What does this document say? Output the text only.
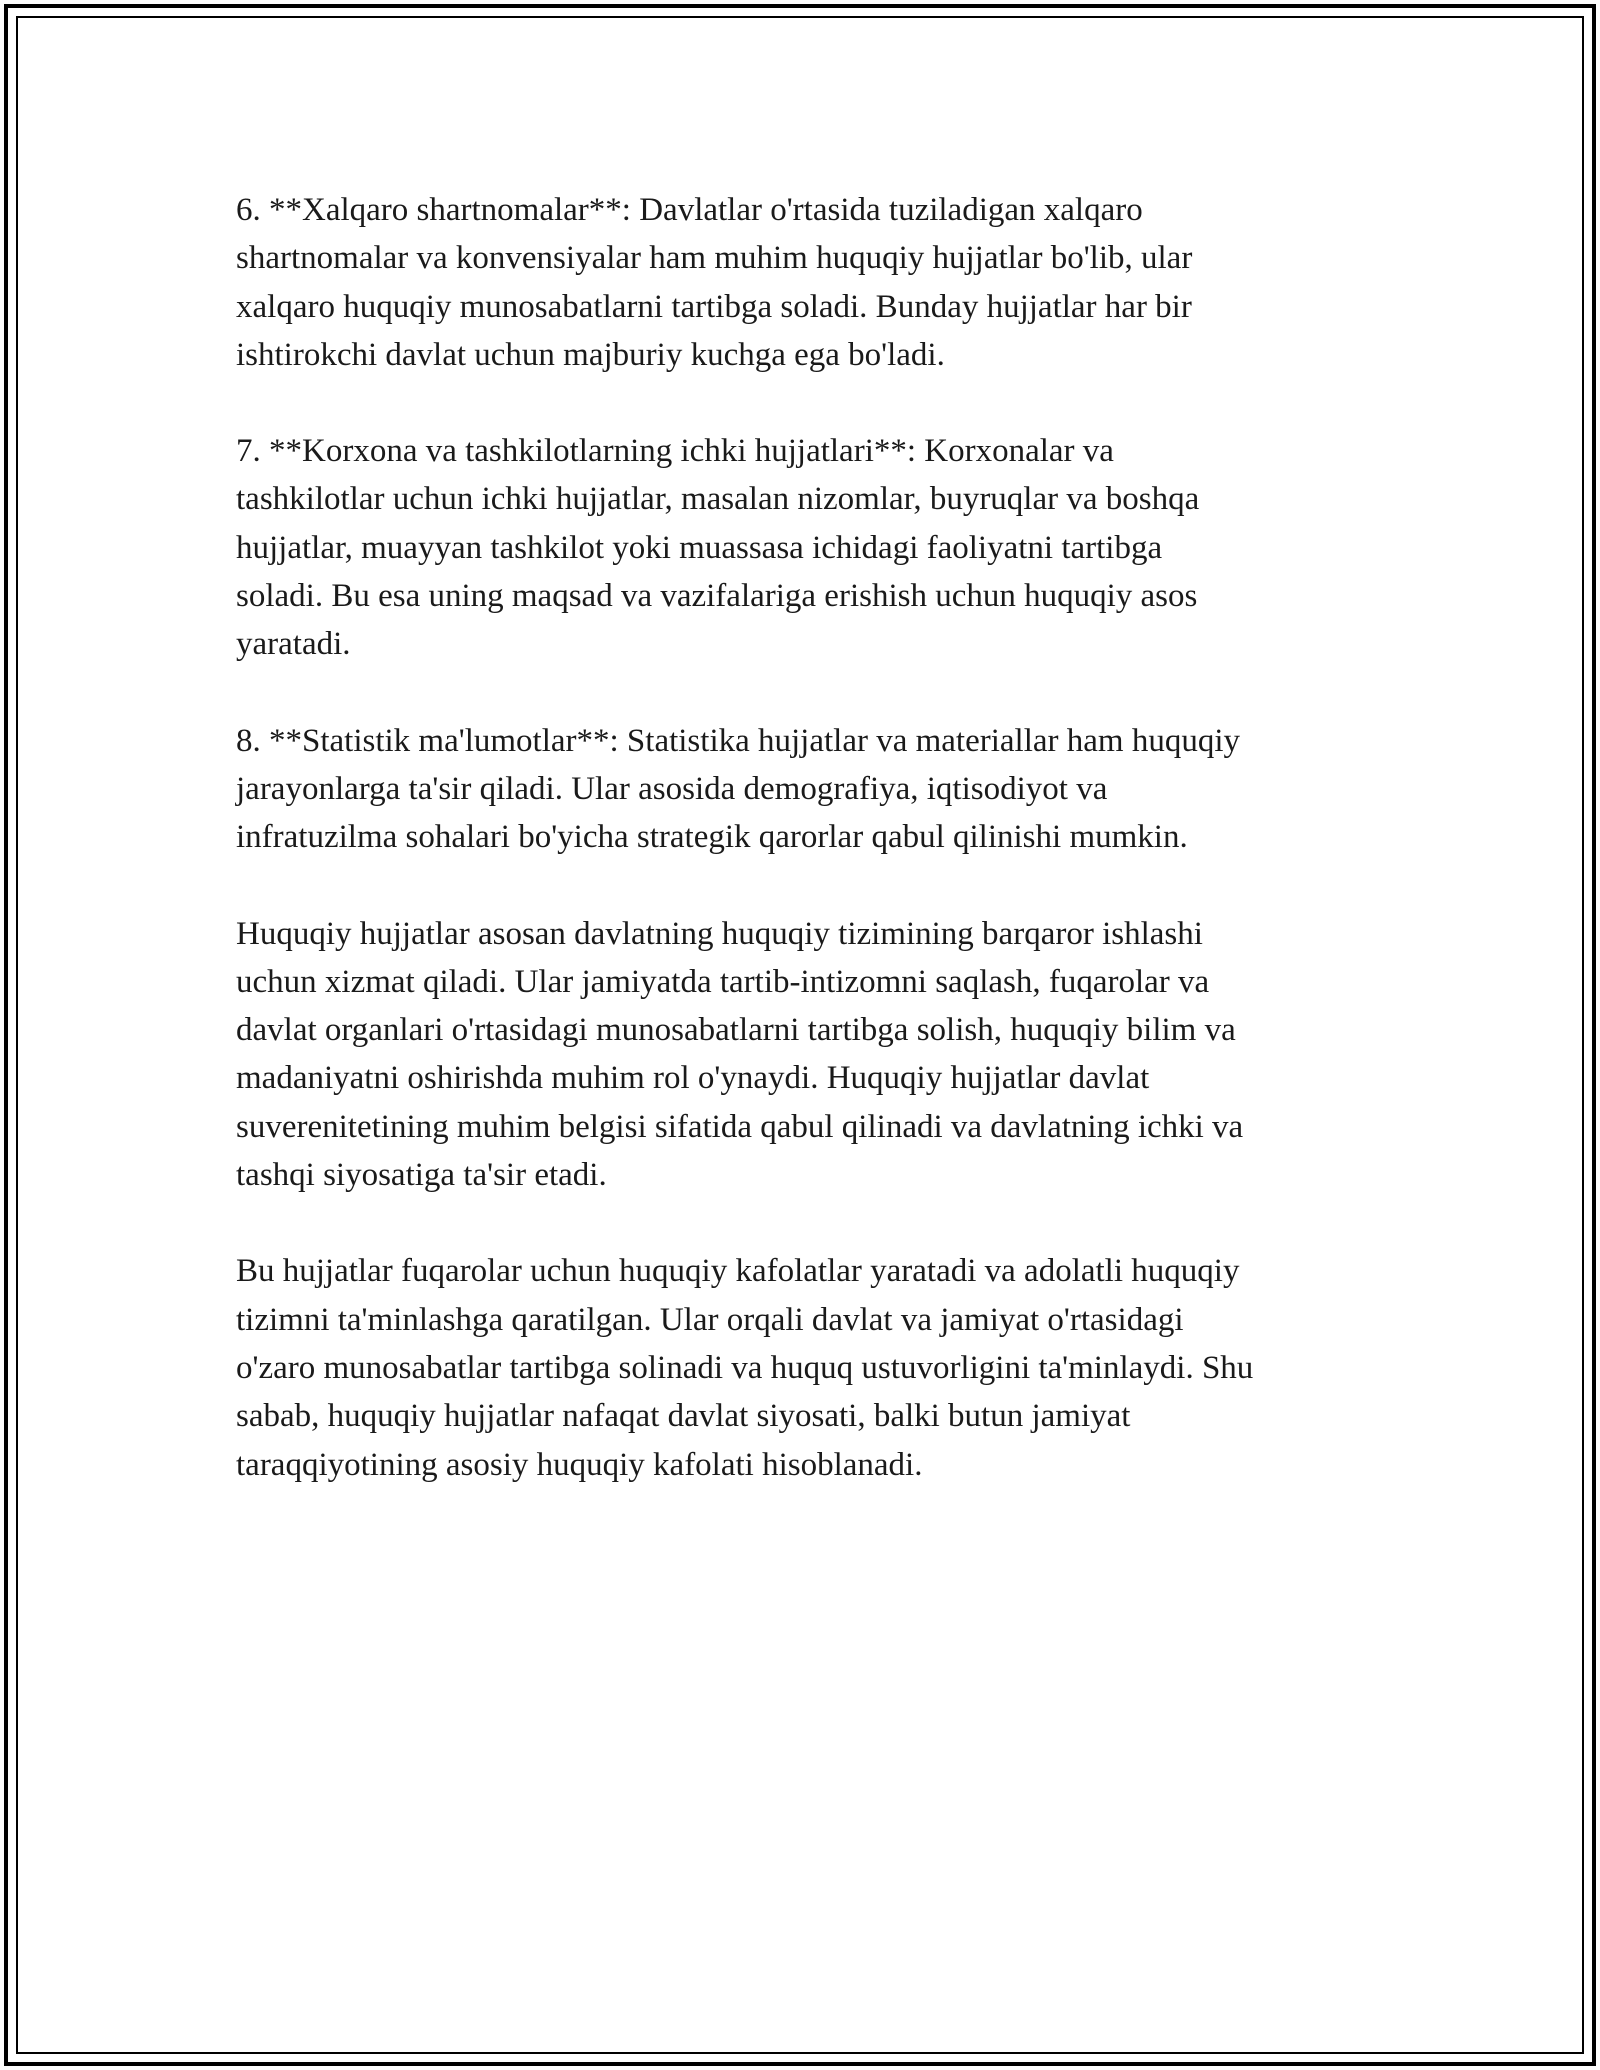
6. **Xalqaro shartnomalar**: Davlatlar o'rtasida tuziladigan xalqaro
shartnomalar va konvensiyalar ham muhim huquqiy hujjatlar bo'lib, ular
xalqaro huquqiy munosabatlarni tartibga soladi. Bunday hujjatlar har bir
ishtirokchi davlat uchun majburiy kuchga ega bo'ladi.

7. **Korxona va tashkilotlarning ichki hujjatlari**: Korxonalar va
tashkilotlar uchun ichki hujjatlar, masalan nizomlar, buyruqlar va boshqa
hujjatlar, muayyan tashkilot yoki muassasa ichidagi faoliyatni tartibga
soladi. Bu esa uning maqsad va vazifalariga erishish uchun huquqiy asos
yaratadi.

8. **Statistik ma'lumotlar**: Statistika hujjatlar va materiallar ham huquqiy
jarayonlarga ta'sir qiladi. Ular asosida demografiya, iqtisodiyot va
infratuzilma sohalari bo'yicha strategik qarorlar qabul qilinishi mumkin.

Huquqiy hujjatlar asosan davlatning huquqiy tizimining barqaror ishlashi
uchun xizmat qiladi. Ular jamiyatda tartib-intizomni saqlash, fuqarolar va
davlat organlari o'rtasidagi munosabatlarni tartibga solish, huquqiy bilim va
madaniyatni oshirishda muhim rol o'ynaydi. Huquqiy hujjatlar davlat
suverenitetining muhim belgisi sifatida qabul qilinadi va davlatning ichki va
tashqi siyosatiga ta'sir etadi.

Bu hujjatlar fuqarolar uchun huquqiy kafolatlar yaratadi va adolatli huquqiy
tizimni ta'minlashga qaratilgan. Ular orqali davlat va jamiyat o'rtasidagi
o'zaro munosabatlar tartibga solinadi va huquq ustuvorligini ta'minlaydi. Shu
sabab, huquqiy hujjatlar nafaqat davlat siyosati, balki butun jamiyat
taraqqiyotining asosiy huquqiy kafolati hisoblanadi.
